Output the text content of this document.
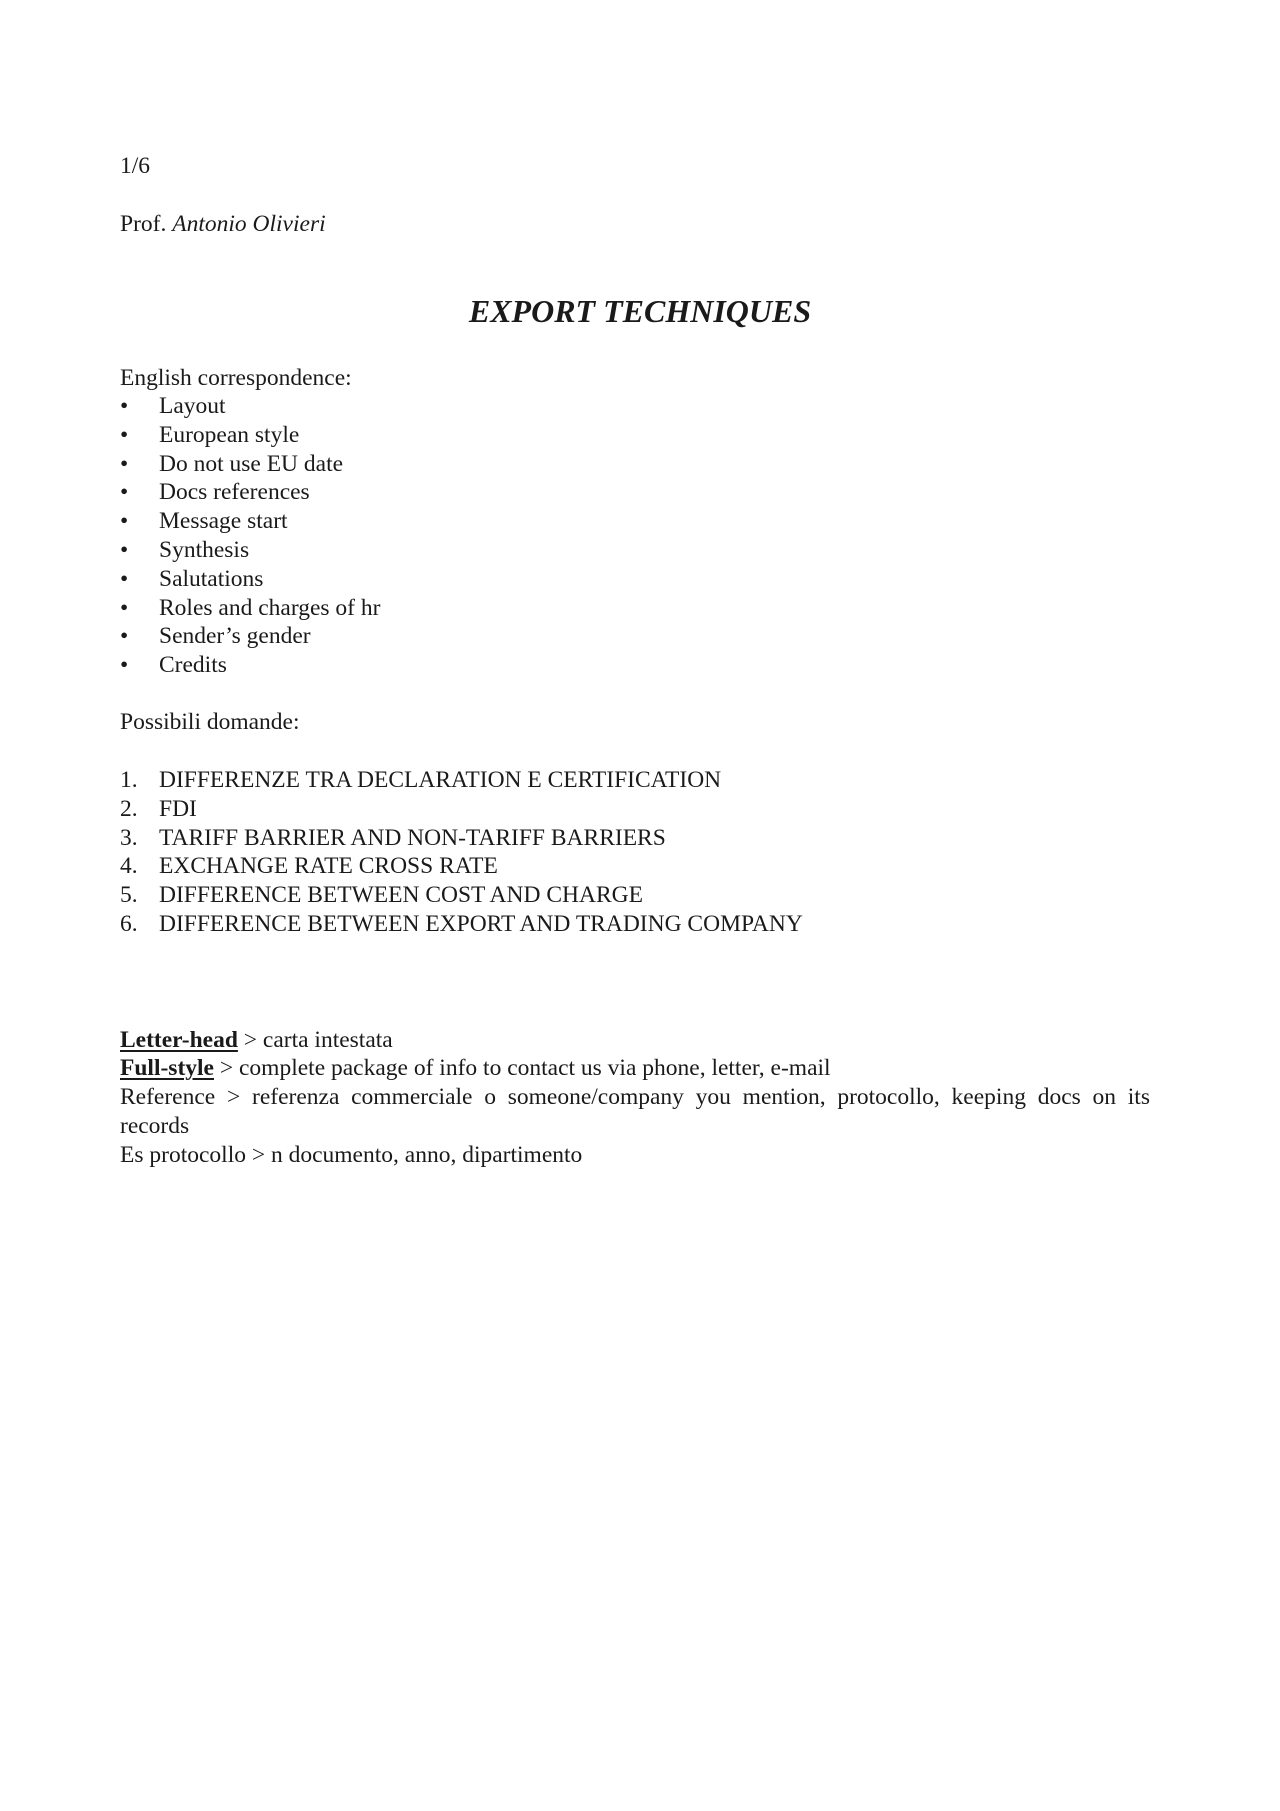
1/6
Prof. Antonio Olivieri
EXPORT TECHNIQUES
English correspondence:
• Layout
• European style
• Do not use EU date
• Docs references
• Message start
• Synthesis
• Salutations
• Roles and charges of hr
• Sender’s gender
• Credits
Possibili domande:
1. DIFFERENZE TRA DECLARATION E CERTIFICATION
2. FDI
3. TARIFF BARRIER AND NON-TARIFF BARRIERS
4. EXCHANGE RATE CROSS RATE
5. DIFFERENCE BETWEEN COST AND CHARGE
6. DIFFERENCE BETWEEN EXPORT AND TRADING COMPANY
Letter-head > carta intestata
Full-style > complete package of info to contact us via phone, letter, e-mail
Reference > referenza commerciale o someone/company you mention, protocollo, keeping docs on its records
Es protocollo > n documento, anno, dipartimento
